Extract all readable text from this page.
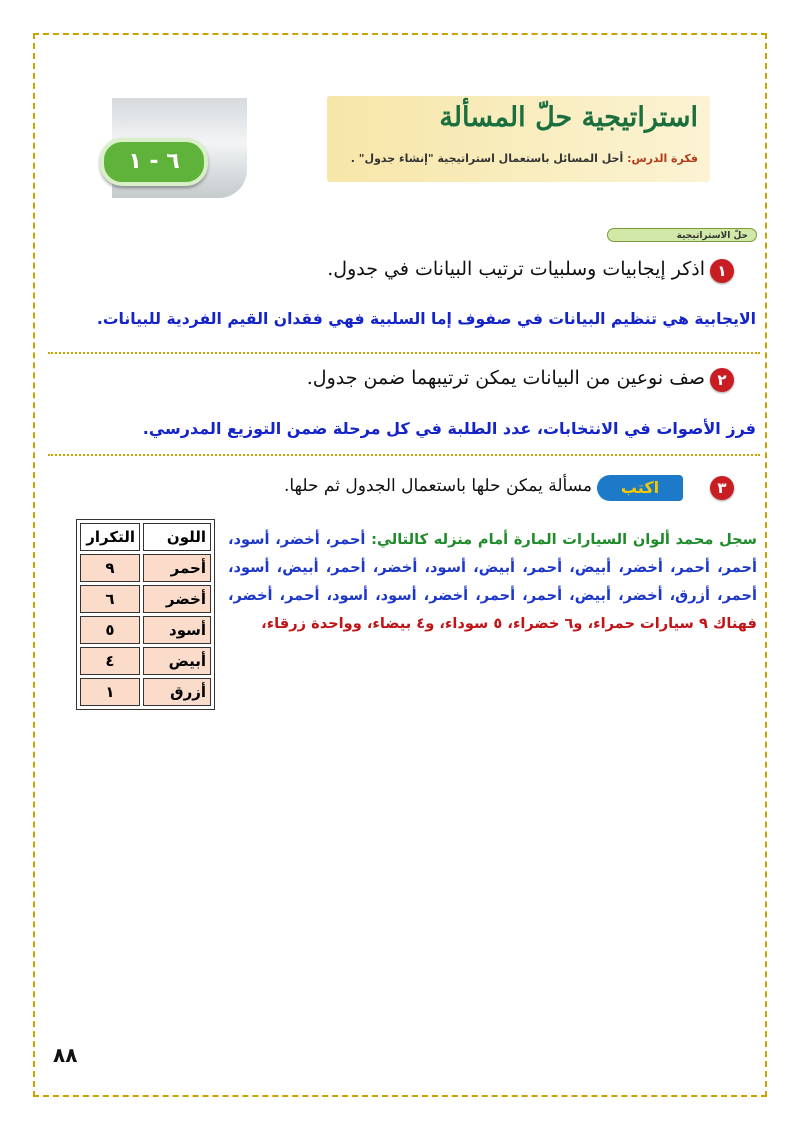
٦ - ١
استراتيجية حلّ المسألة
فكرة الدرس: أحل المسائل باستعمال استراتيجية "إنشاء جدول" .
حلّ الاستراتيجية
١
اذكر إيجابيات وسلبيات ترتيب البيانات في جدول.
الايجابية هي تنظيم البيانات في صفوف إما السلبية فهي فقدان القيم الفردية للبيانات.
٢
صف نوعين من البيانات يمكن ترتيبهما ضمن جدول.
فرز الأصوات في الانتخابات، عدد الطلبة في كل مرحلة ضمن التوزيع المدرسي.
٣
اكتب
مسألة يمكن حلها باستعمال الجدول ثم حلها.
سجل محمد ألوان السيارات المارة أمام منزله كالتالي: أحمر، أخضر، أسود، أحمر، أحمر، أخضر، أبيض، أحمر، أبيض، أسود، أخضر، أحمر، أبيض، أسود، أحمر، أزرق، أخضر، أبيض، أحمر، أحمر، أخضر، أسود، أسود، أحمر، أخضر، فهناك ٩ سيارات حمراء، و٦ خضراء، ٥ سوداء، و٤ بيضاء، وواحدة زرقاء،
اللون	التكرار
أحمر	٩
أخضر	٦
أسود	٥
أبيض	٤
أزرق	١
٨٨
